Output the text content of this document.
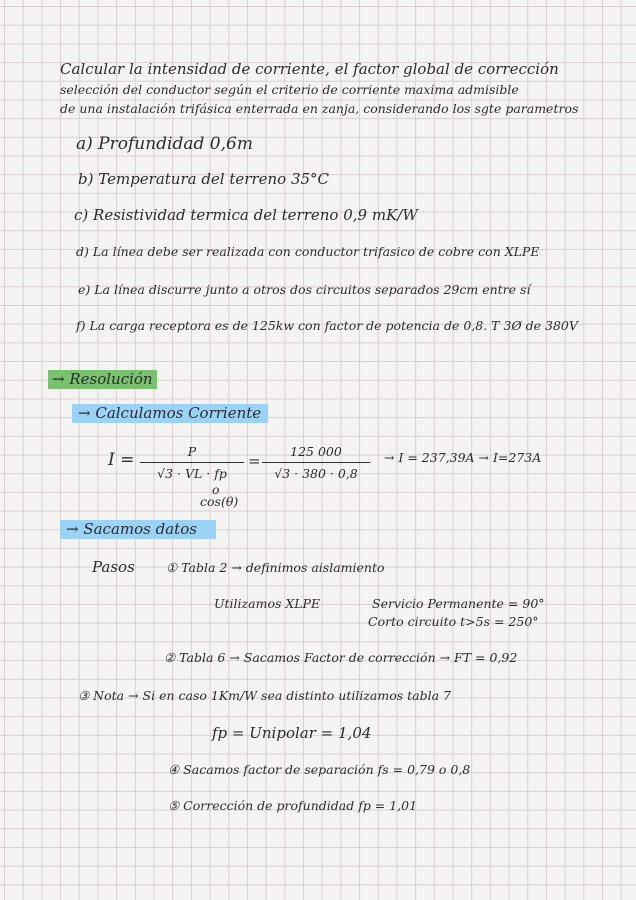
Calcular la intensidad de corriente, el factor global de corrección
selección del conductor según el criterio de corriente maxima admisible
de una instalación trifásica enterrada en zanja, considerando los sgte parametros
a) Profundidad 0,6m
b) Temperatura del terreno 35°C
c) Resistividad termica del terreno 0,9 mK/W
d) La línea debe ser realizada con conductor trifasico de cobre con XLPE
e) La línea discurre junto a otros dos circuitos separados 29cm entre sí
f) La carga receptora es de 125kw con factor de potencia de 0,8. T 3Ø de 380V
→ Resolución
→ Calculamos Corriente
I =	P
√3 · VL · fp
o
cos(θ)
=
125 000
√3 · 380 · 0,8
→ I = 237,39A → I=273A
→ Sacamos datos
Pasos ① Tabla 2 → definimos aislamiento
Utilizamos XLPE	Servicio Permanente = 90°
Corto circuito t>5s = 250°
② Tabla 6 → Sacamos Factor de corrección → FT = 0,92
③ Nota → Si en caso 1Km/W sea distinto utilizamos tabla 7
fp = Unipolar = 1,04
④ Sacamos factor de separación fs = 0,79 o 0,8
⑤ Corrección de profundidad fp = 1,01
